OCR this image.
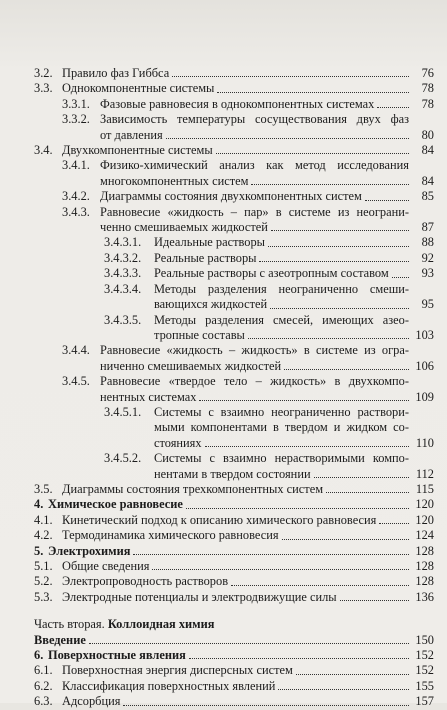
3.2. Правило фаз Гиббса	76
3.3. Однокомпонентные системы	78
3.3.1. Фазовые равновесия в однокомпонентных системах	78
3.3.2. Зависимость температуры сосуществования двух фаз
от давления	80
3.4. Двухкомпонентные системы	84
3.4.1. Физико-химический анализ как метод исследования
многокомпонентных систем	84
3.4.2. Диаграммы состояния двухкомпонентных систем	85
3.4.3. Равновесие «жидкость – пар» в системе из неограни-
ченно смешиваемых жидкостей	87
3.4.3.1.	Идеальные растворы	88
3.4.3.2.	Реальные растворы	92
3.4.3.3.	Реальные растворы с азеотропным составом	93
3.4.3.4.	Методы разделения неограниченно смеши-
вающихся жидкостей	95
3.4.3.5.	Методы разделения смесей, имеющих азео-
тропные составы	103
3.4.4. Равновесие «жидкость – жидкость» в системе из огра-
ниченно смешиваемых жидкостей	106
3.4.5. Равновесие «твердое тело – жидкость» в двухкомпо-
нентных системах	109
3.4.5.1.	Системы с взаимно неограниченно раствори-
мыми компонентами в твердом и жидком со-
стояниях	110
3.4.5.2.	Системы с взаимно нерастворимыми компо-
нентами в твердом состоянии	112
3.5. Диаграммы состояния трехкомпонентных систем	115
4. Химическое равновесие	120
4.1. Кинетический подход к описанию химического равновесия	120
4.2. Термодинамика химического равновесия	124
5. Электрохимия	128
5.1. Общие сведения	128
5.2. Электропроводность растворов	128
5.3. Электродные потенциалы и электродвижущие силы	136
Часть вторая.
Коллоидная химия
Введение	150
6. Поверхностные явления	152
6.1. Поверхностная энергия дисперсных систем	152
6.2. Классификация поверхностных явлений	155
6.3. Адсорбция	157
